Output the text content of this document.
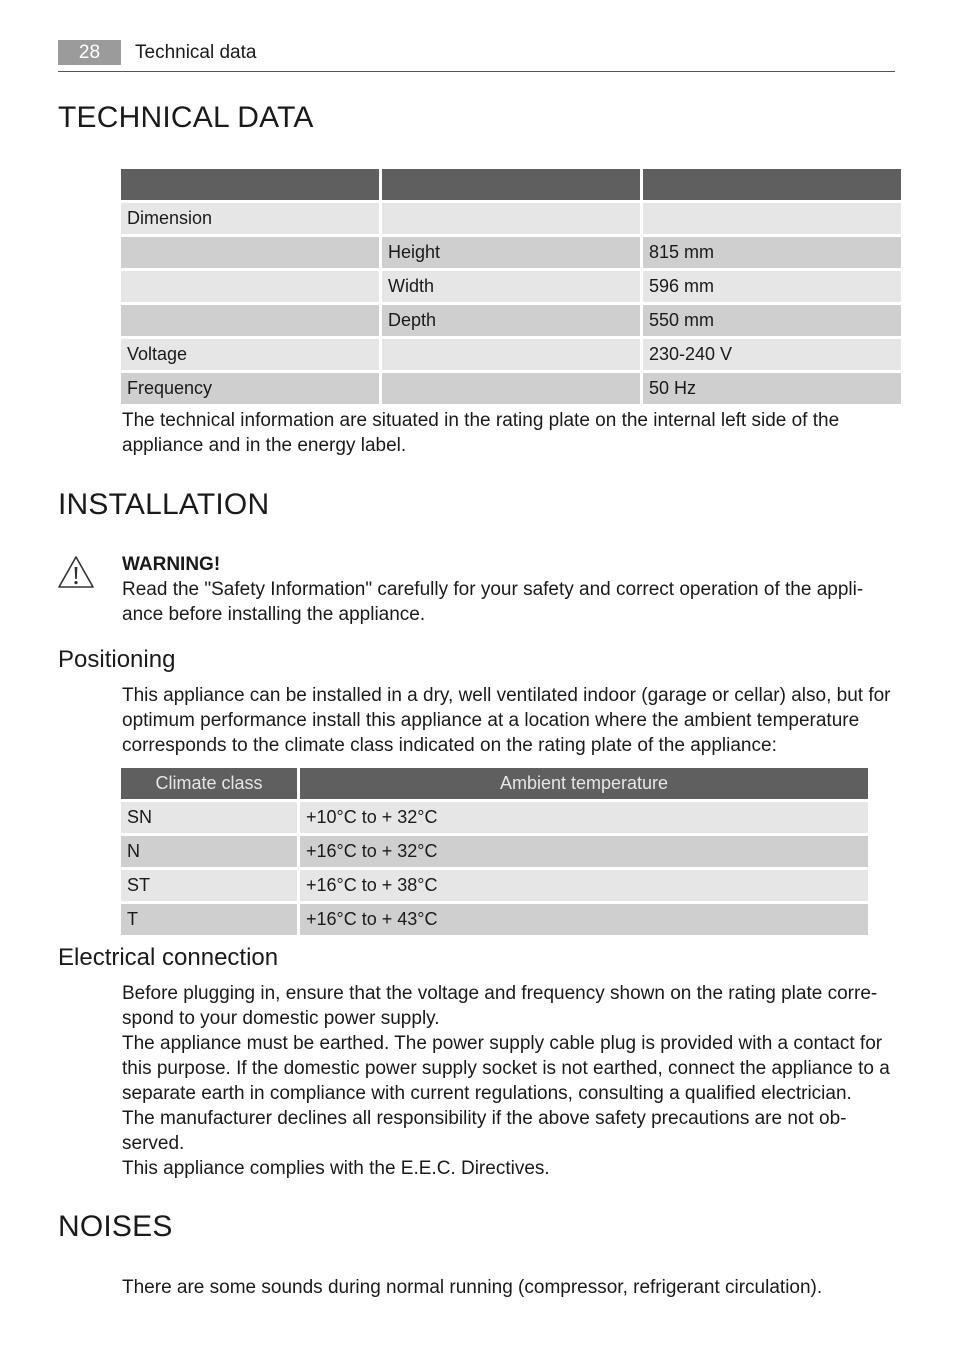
28	Technical data
TECHNICAL DATA

Dimension		
	Height	815 mm
	Width	596 mm
	Depth	550 mm
Voltage		230-240 V
Frequency		50 Hz

The technical information are situated in the rating plate on the internal left side of the appliance and in the energy label.

INSTALLATION

WARNING!

Read the "Safety Information" carefully for your safety and correct operation of the appli-ance before installing the appliance.

Positioning

This appliance can be installed in a dry, well ventilated indoor (garage or cellar) also, but for optimum performance install this appliance at a location where the ambient temperature corresponds to the climate class indicated on the rating plate of the appliance:

Climate class	Ambient temperature
SN	+10°C to + 32°C
N	+16°C to + 32°C
ST	+16°C to + 38°C
T	+16°C to + 43°C
Electrical connection

Before plugging in, ensure that the voltage and frequency shown on the rating plate corre-spond to your domestic power supply.
The appliance must be earthed. The power supply cable plug is provided with a contact for this purpose. If the domestic power supply socket is not earthed, connect the appliance to a separate earth in compliance with current regulations, consulting a qualified electrician.
The manufacturer declines all responsibility if the above safety precautions are not ob-served.
This appliance complies with the E.E.C. Directives.

NOISES

There are some sounds during normal running (compressor, refrigerant circulation).
